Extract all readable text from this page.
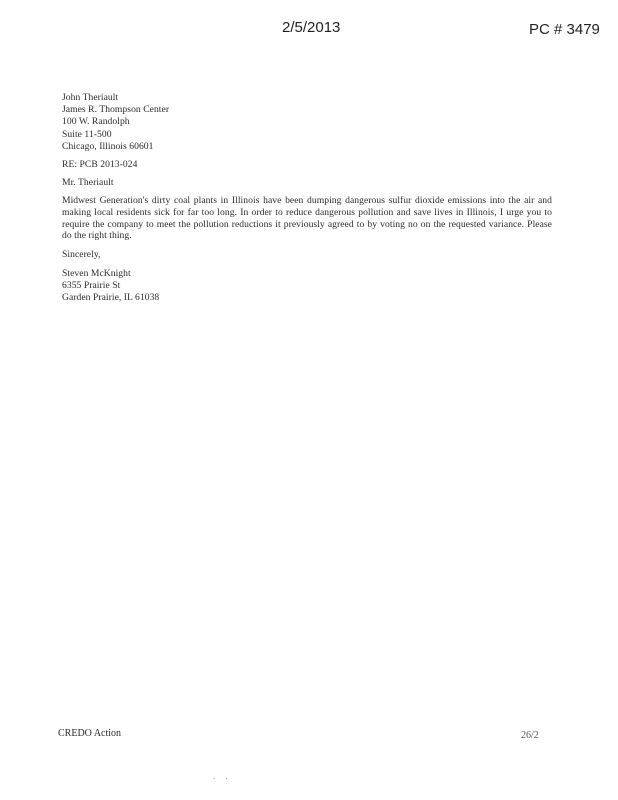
2/5/2013	PC # 3479
John Theriault
James R. Thompson Center
100 W. Randolph
Suite 11-500
Chicago, Illinois 60601
RE: PCB 2013-024
Mr. Theriault
Midwest Generation's dirty coal plants in Illinois have been dumping dangerous sulfur dioxide emissions into the air and making local residents sick for far too long. In order to reduce dangerous pollution and save lives in Illinois, I urge you to require the company to meet the pollution reductions it previously agreed to by voting no on the requested variance. Please do the right thing.
Sincerely,
Steven McKnight
6355 Prairie St
Garden Prairie, IL 61038
CREDO Action	26/2
. .
